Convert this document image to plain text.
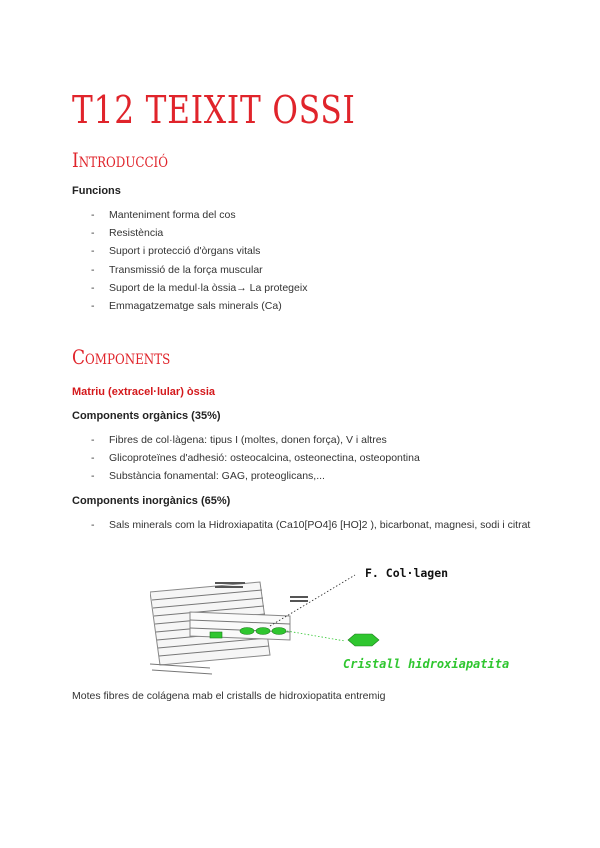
T12 TEIXIT OSSI
Introducció

Funcions

- Manteniment forma del cos
- Resistència
- Suport i protecció d'òrgans vitals
- Transmissió de la força muscular
- Suport de la medul·la òssia→ La protegeix
- Emmagatzematge sals minerals (Ca)
Components

Matriu (extracel·lular) òssia

Components orgànics (35%)

- Fibres de col·làgena: tipus I (moltes, donen força), V i altres
- Glicoproteïnes d'adhesió: osteocalcina, osteonectina, osteopontina
- Substància fonamental: GAG, proteoglicans,...

Components inorgànics (65%)

- Sals minerals com la Hidroxiapatita (Ca10[PO4]6 [HO]2 ), bicarbonat, magnesi, sodi i citrat
F. Col·lagen
Cristall hidroxiapatita

Motes fibres de colágena mab el cristalls de hidroxiopatita entremig
